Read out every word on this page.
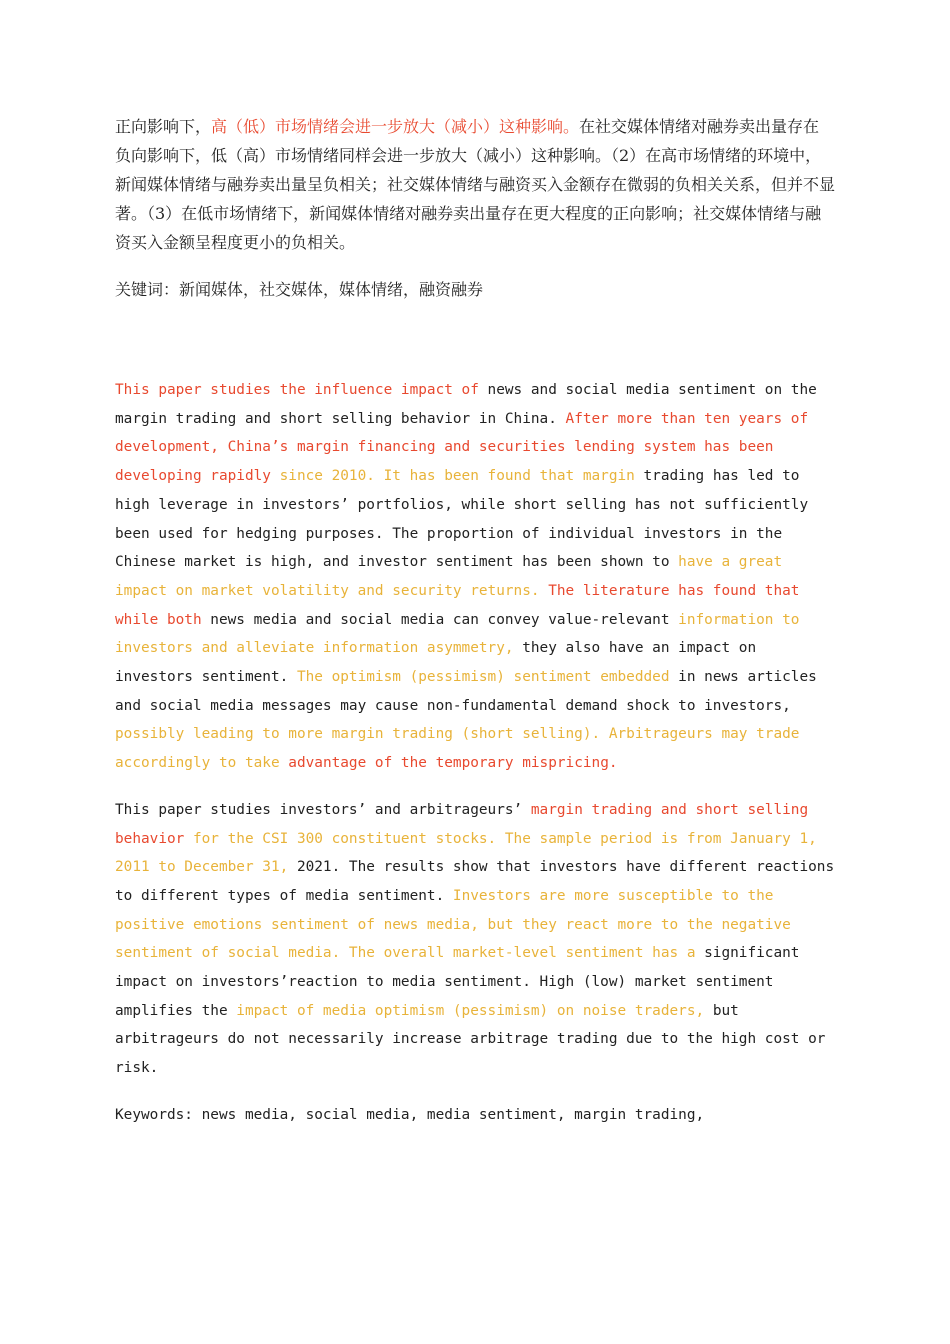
正向影响下，高（低）市场情绪会进一步放大（减小）这种影响。在社交媒体情绪对融券卖出量存在负向影响下，低（高）市场情绪同样会进一步放大（减小）这种影响。（2）在高市场情绪的环境中，新闻媒体情绪与融券卖出量呈负相关；社交媒体情绪与融资买入金额存在微弱的负相关关系，但并不显著。（3）在低市场情绪下，新闻媒体情绪对融券卖出量存在更大程度的正向影响；社交媒体情绪与融资买入金额呈程度更小的负相关。

关键词：新闻媒体，社交媒体，媒体情绪，融资融券

This paper studies the influence impact of news and social media sentiment on the margin trading and short selling behavior in China. After more than ten years of development, China’s margin financing and securities lending system has been developing rapidly since 2010. It has been found that margin trading has led to high leverage in investors’ portfolios, while short selling has not sufficiently been used for hedging purposes. The proportion of individual investors in the Chinese market is high, and investor sentiment has been shown to have a great impact on market volatility and security returns. The literature has found that while both news media and social media can convey value-relevant information to investors and alleviate information asymmetry, they also have an impact on investors sentiment. The optimism (pessimism) sentiment embedded in news articles and social media messages may cause non-fundamental demand shock to investors, possibly leading to more margin trading (short selling). Arbitrageurs may trade accordingly to take advantage of the temporary mispricing.

This paper studies investors’ and arbitrageurs’ margin trading and short selling behavior for the CSI 300 constituent stocks. The sample period is from January 1, 2011 to December 31, 2021. The results show that investors have different reactions to different types of media sentiment. Investors are more susceptible to the positive emotions sentiment of news media, but they react more to the negative sentiment of social media. The overall market-level sentiment has a significant impact on investors’reaction to media sentiment. High (low) market sentiment amplifies the impact of media optimism (pessimism) on noise traders, but arbitrageurs do not necessarily increase arbitrage trading due to the high cost or risk.

Keywords: news media, social media, media sentiment, margin trading,
